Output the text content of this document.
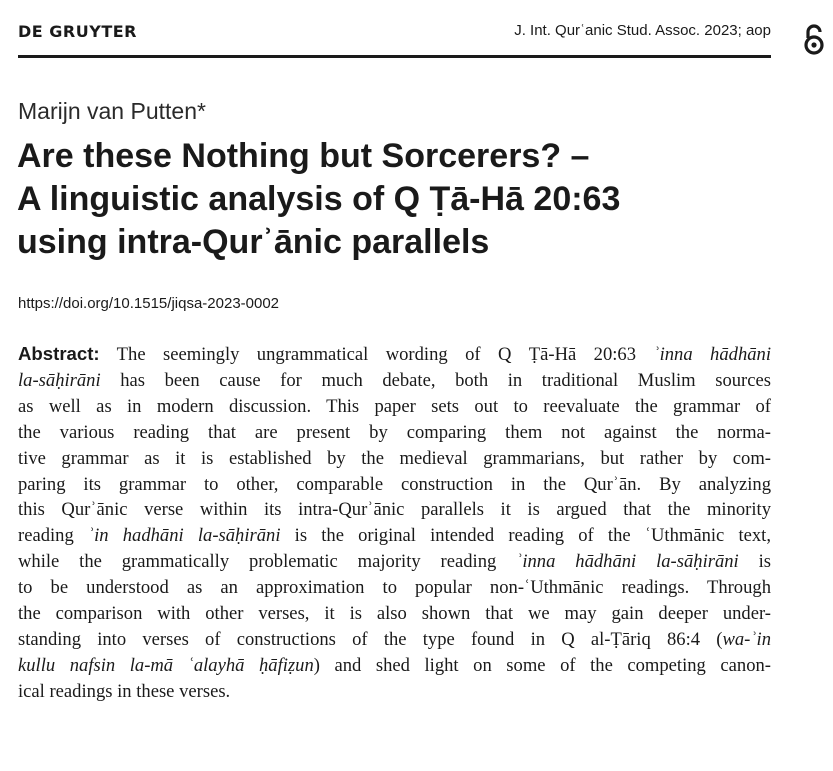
DE GRUYTER	J. Int. Qurʿanic Stud. Assoc. 2023; aop
Marijn van Putten*
Are these Nothing but Sorcerers? –
A linguistic analysis of Q Ṭā-Hā 20:63
using intra-Qurʾānic parallels
https://doi.org/10.1515/jiqsa-2023-0002
Abstract: The seemingly ungrammatical wording of Q Ṭā-Hā 20:63 ʾinna hādhāni
la-sāḥirāni has been cause for much debate, both in traditional Muslim sources
as well as in modern discussion. This paper sets out to reevaluate the grammar of
the various reading that are present by comparing them not against the norma-
tive grammar as it is established by the medieval grammarians, but rather by com-
paring its grammar to other, comparable construction in the Qurʾān. By analyzing
this Qurʾānic verse within its intra-Qurʾānic parallels it is argued that the minority
reading ʾin hadhāni la-sāḥirāni is the original intended reading of the ʿUthmānic text,
while the grammatically problematic majority reading ʾinna hādhāni la-sāḥirāni is
to be understood as an approximation to popular non-ʿUthmānic readings. Through
the comparison with other verses, it is also shown that we may gain deeper under-
standing into verses of constructions of the type found in Q al-Ṭāriq 86:4 (wa-ʾin
kullu nafsin la-mā ʿalayhā ḥāfiẓun) and shed light on some of the competing canon-
ical readings in these verses.
